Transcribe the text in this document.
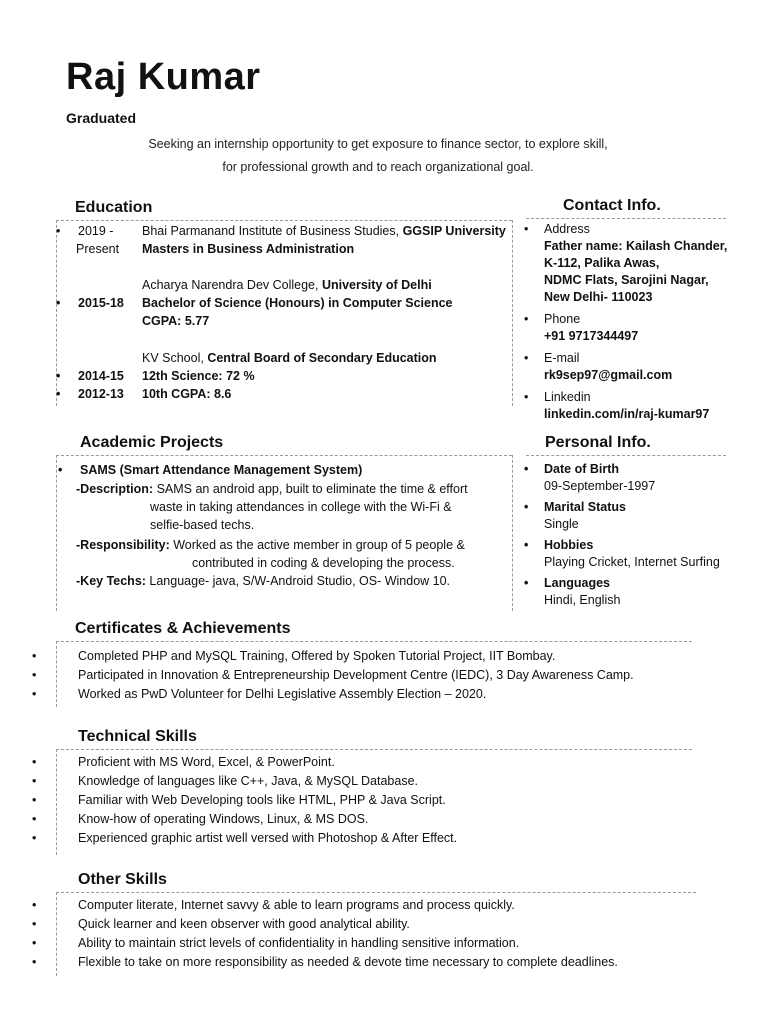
Raj Kumar
Graduated
Seeking an internship opportunity to get exposure to finance sector, to explore skill,
for professional growth and to reach organizational goal.
Education
• 2019 -
Present
Bhai Parmanand Institute of Business Studies, GGSIP University
Masters in Business Administration
Acharya Narendra Dev College, University of Delhi
• 2015-18 Bachelor of Science (Honours) in Computer Science
CGPA: 5.77
KV School, Central Board of Secondary Education
• 2014-15 12th Science: 72 %
• 2012-13 10th CGPA: 8.6
Contact Info.
• Address
Father name: Kailash Chander,
K-112, Palika Awas,
NDMC Flats, Sarojini Nagar,
New Delhi- 110023
• Phone
+91 9717344497
• E-mail
rk9sep97@gmail.com
• Linkedin
linkedin.com/in/raj-kumar97
Academic Projects
• SAMS (Smart Attendance Management System)
-Description: SAMS an android app, built to eliminate the time & effort
waste in taking attendances in college with the Wi-Fi &
selfie-based techs.
-Responsibility: Worked as the active member in group of 5 people &
contributed in coding & developing the process.
-Key Techs: Language- java, S/W-Android Studio, OS- Window 10.
Personal Info.
• Date of Birth
09-September-1997
• Marital Status
Single
• Hobbies
Playing Cricket, Internet Surfing
• Languages
Hindi, English
Certificates & Achievements
• Completed PHP and MySQL Training, Offered by Spoken Tutorial Project, IIT Bombay.
• Participated in Innovation & Entrepreneurship Development Centre (IEDC), 3 Day Awareness Camp.
• Worked as PwD Volunteer for Delhi Legislative Assembly Election – 2020.
Technical Skills
• Proficient with MS Word, Excel, & PowerPoint.
• Knowledge of languages like C++, Java, & MySQL Database.
• Familiar with Web Developing tools like HTML, PHP & Java Script.
• Know-how of operating Windows, Linux, & MS DOS.
• Experienced graphic artist well versed with Photoshop & After Effect.
Other Skills
• Computer literate, Internet savvy & able to learn programs and process quickly.
• Quick learner and keen observer with good analytical ability.
• Ability to maintain strict levels of confidentiality in handling sensitive information.
• Flexible to take on more responsibility as needed & devote time necessary to complete deadlines.
